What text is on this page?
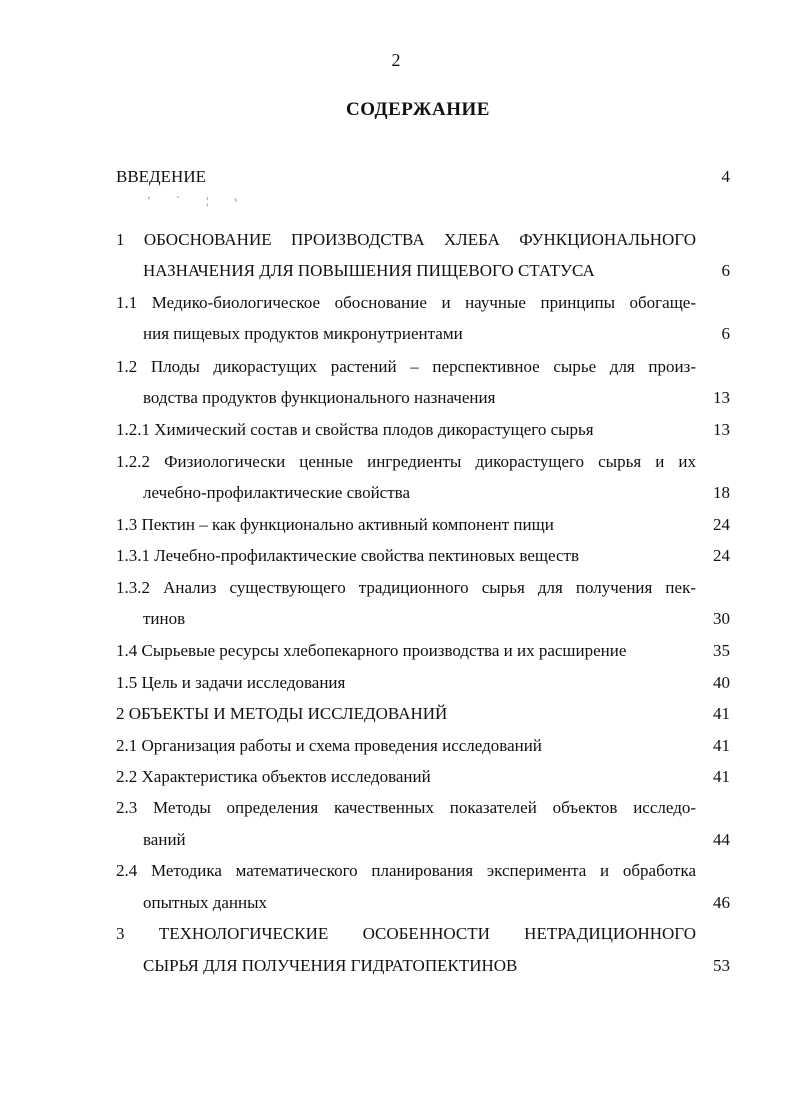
2
СОДЕРЖАНИЕ
' ` ¦ ˢ
ВВЕДЕНИЕ	4
1 ОБОСНОВАНИЕ ПРОИЗВОДСТВА ХЛЕБА ФУНКЦИОНАЛЬНОГО
НАЗНАЧЕНИЯ ДЛЯ ПОВЫШЕНИЯ ПИЩЕВОГО СТАТУСА	6
1.1 Медико-биологическое обоснование и научные принципы обогаще-
ния пищевых продуктов микронутриентами	6
1.2 Плоды дикорастущих растений – перспективное сырье для произ-
водства продуктов функционального назначения	13
1.2.1 Химический состав и свойства плодов дикорастущего сырья	13
1.2.2 Физиологически ценные ингредиенты дикорастущего сырья и их
лечебно-профилактические свойства	18
1.3 Пектин – как функционально активный компонент пищи	24
1.3.1 Лечебно-профилактические свойства пектиновых веществ	24
1.3.2 Анализ существующего традиционного сырья для получения пек-
тинов	30
1.4 Сырьевые ресурсы хлебопекарного производства и их расширение	35
1.5 Цель и задачи исследования	40
2 ОБЪЕКТЫ И МЕТОДЫ ИССЛЕДОВАНИЙ	41
2.1 Организация работы и схема проведения исследований	41
2.2 Характеристика объектов исследований	41
2.3 Методы определения качественных показателей объектов исследо-
ваний	44
2.4 Методика математического планирования эксперимента и обработка
опытных данных	46
3 ТЕХНОЛОГИЧЕСКИЕ ОСОБЕННОСТИ НЕТРАДИЦИОННОГО
СЫРЬЯ ДЛЯ ПОЛУЧЕНИЯ ГИДРАТОПЕКТИНОВ	53
